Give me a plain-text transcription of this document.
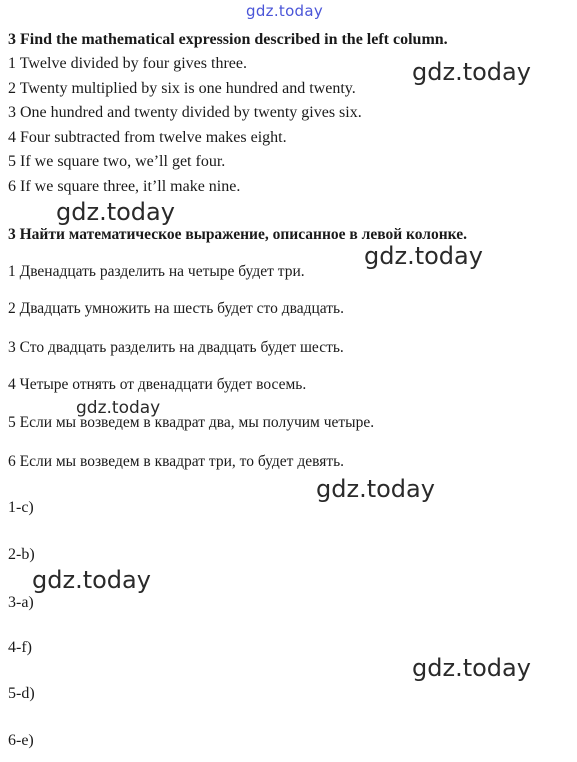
gdz.today
3 Find the mathematical expression described in the left column.
1 Twelve divided by four gives three.
2 Twenty multiplied by six is one hundred and twenty.
3 One hundred and twenty divided by twenty gives six.
4 Four subtracted from twelve makes eight.
5 If we square two, we’ll get four.
6 If we square three, it’ll make nine.
3 Найти математическое выражение, описанное в левой колонке.
1 Двенадцать разделить на четыре будет три.
2 Двадцать умножить на шесть будет сто двадцать.
3 Сто двадцать разделить на двадцать будет шесть.
4 Четыре отнять от двенадцати будет восемь.
5 Если мы возведем в квадрат два, мы получим четыре.
6 Если мы возведем в квадрат три, то будет девять.
1-c)
2-b)
3-a)
4-f)
5-d)
6-e)
gdz.today
gdz.today
gdz.today
gdz.today
gdz.today
gdz.today
gdz.today
